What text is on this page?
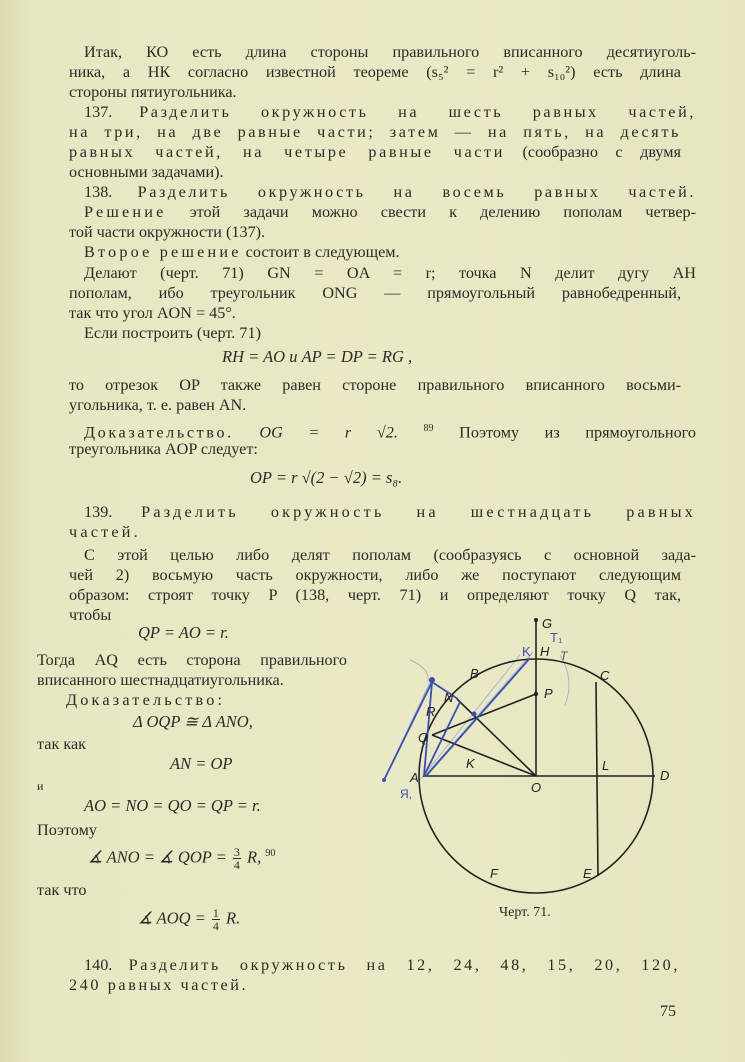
Итак, КО есть длина стороны правильного вписанного десятиуголь-
ника, а НК согласно известной теореме (s₅² = r² + s₁₀²) есть длина
стороны пятиугольника.
137. Разделить окружность на шесть равных частей,
на три, на две равные части; затем — на пять, на десять
равных частей, на четыре равные части (сообразно с двумя
основными задачами).
138. Разделить окружность на восемь равных частей.
Решение этой задачи можно свести к делению пополам четвер-
той части окружности (137).
Второе решение состоит в следующем.
Делают (черт. 71) GN = OA = r; точка N делит дугу AH
пополам, ибо треугольник ONG — прямоугольный равнобедренный,
так что угол AON = 45°.
Если построить (черт. 71)
RH = AO и AP = DP = RG ,
то отрезок OP также равен стороне правильного вписанного восьми-
угольника, т. е. равен AN.
Доказательство. OG = r √2.	$^{89}$ Поэтому из прямоугольного
треугольника AOP следует:
OP = r √(2 − √2) = s₈.
139. Разделить окружность на шестнадцать равных
частей.
С этой целью либо делят пополам (сообразуясь с основной зада-
чей 2) восьмую часть окружности, либо же поступают следующим
образом: строят точку P (138, черт. 71) и определяют точку Q так,
чтобы
QP = AO = r.
Тогда AQ есть сторона правильного
вписанного шестнадцатиугольника.
Доказательство:
Δ OQP ≅ Δ ANO,
так как
AN = OP
и
AO = NO = QO = QP = r.
Поэтому
∡ ANO = ∡ QOP = $\frac{3}{4} R$, $^{90}$
так что
∡ AOQ = $\frac{1}{4} R$.
G
H
B	C
N	P
R
Q
A
K
O
L
D
F	E
K
T₁
Я,
T
Черт. 71.
140. Разделить окружность на 12, 24, 48, 15, 20, 120,
240 равных частей.
75
